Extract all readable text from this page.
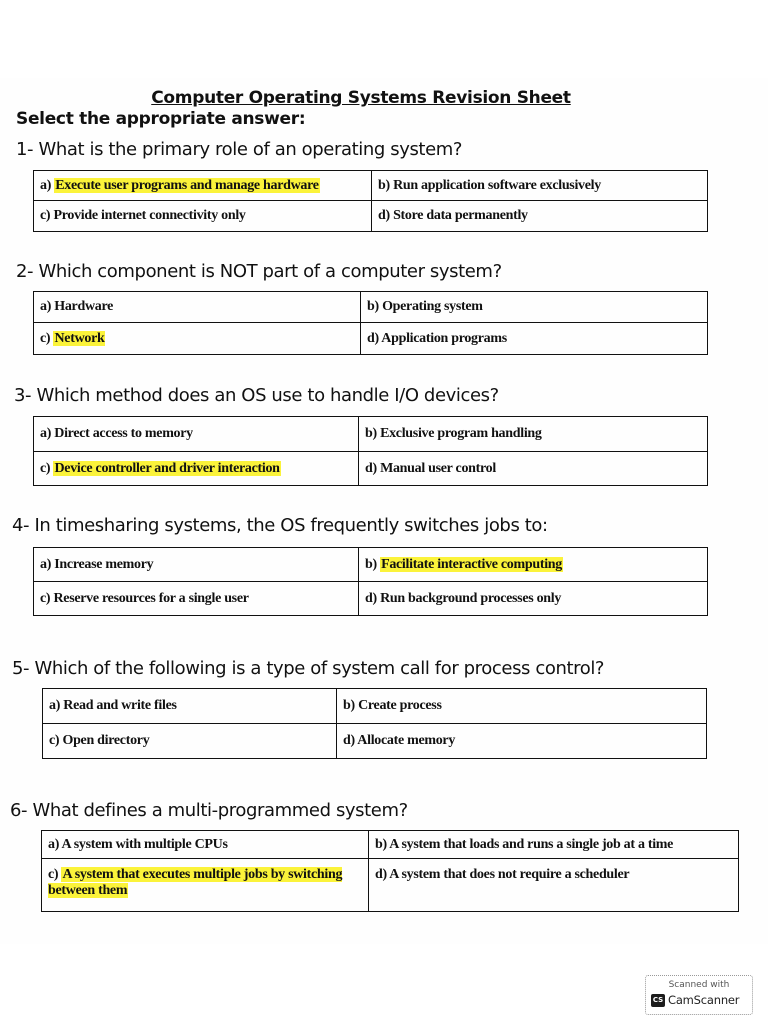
Computer Operating Systems Revision Sheet
Select the appropriate answer:
1- What is the primary role of an operating system?
a) Execute user programs and manage hardware	b) Run application software exclusively
c) Provide internet connectivity only	d) Store data permanently
2- Which component is NOT part of a computer system?
a) Hardware	b) Operating system
c) Network	d) Application programs
3- Which method does an OS use to handle I/O devices?
a) Direct access to memory	b) Exclusive program handling
c) Device controller and driver interaction	d) Manual user control
4- In timesharing systems, the OS frequently switches jobs to:
a) Increase memory	b) Facilitate interactive computing
c) Reserve resources for a single user	d) Run background processes only
5- Which of the following is a type of system call for process control?
a) Read and write files	b) Create process
c) Open directory	d) Allocate memory
6- What defines a multi-programmed system?
a) A system with multiple CPUs	b) A system that loads and runs a single job at a time
c) A system that executes multiple jobs by switching between them	d) A system that does not require a scheduler
Scanned with
CS CamScanner
